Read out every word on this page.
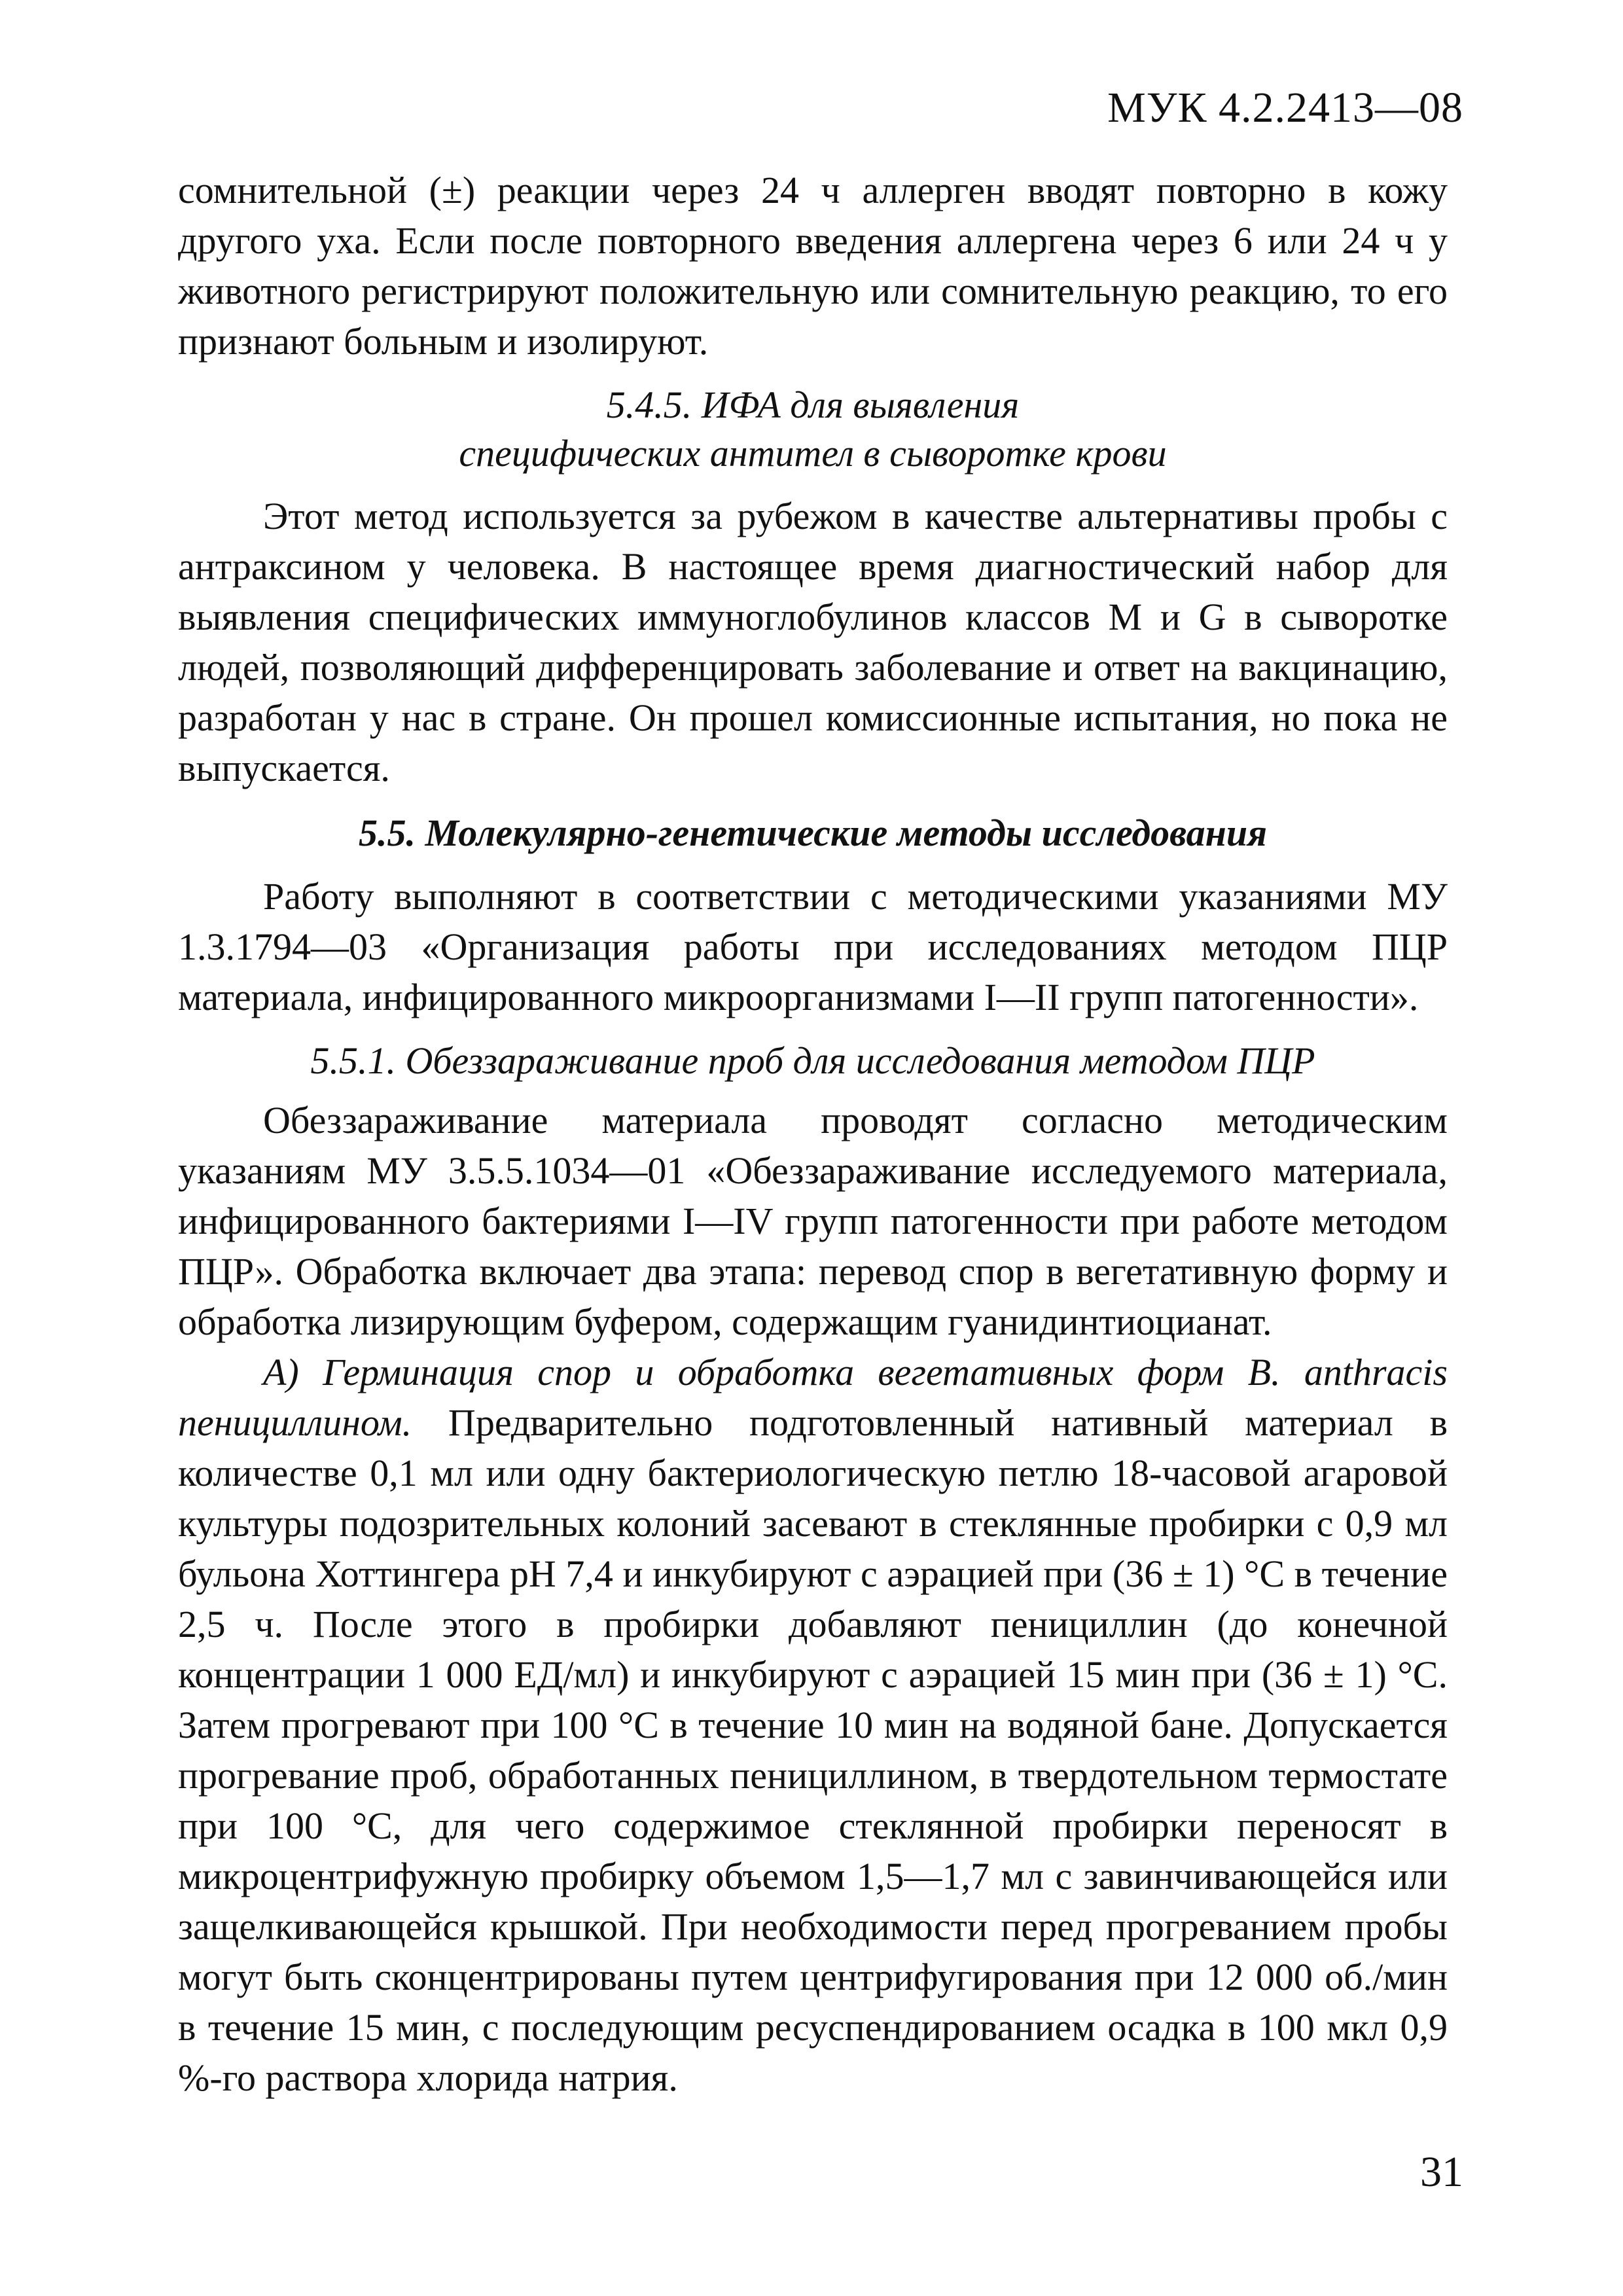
МУК 4.2.2413—08

сомнительной (±) реакции через 24 ч аллерген вводят повторно в кожу другого уха. Если после повторного введения аллергена через 6 или 24 ч у животного регистрируют положительную или сомнительную реакцию, то его признают больным и изолируют.

5.4.5. ИФА для выявления
специфических антител в сыворотке крови

Этот метод используется за рубежом в качестве альтернативы пробы с антраксином у человека. В настоящее время диагностический набор для выявления специфических иммуноглобулинов классов M и G в сыворотке людей, позволяющий дифференцировать заболевание и ответ на вакцинацию, разработан у нас в стране. Он прошел комиссионные испытания, но пока не выпускается.

5.5. Молекулярно-генетические методы исследования

Работу выполняют в соответствии с методическими указаниями МУ 1.3.1794—03 «Организация работы при исследованиях методом ПЦР материала, инфицированного микроорганизмами I—II групп патогенности».

5.5.1. Обеззараживание проб для исследования методом ПЦР

Обеззараживание материала проводят согласно методическим указаниям МУ 3.5.5.1034—01 «Обеззараживание исследуемого материала, инфицированного бактериями I—IV групп патогенности при работе методом ПЦР». Обработка включает два этапа: перевод спор в вегетативную форму и обработка лизирующим буфером, содержащим гуанидинтиоцианат.

А) Герминация спор и обработка вегетативных форм B. anthracis пенициллином. Предварительно подготовленный нативный материал в количестве 0,1 мл или одну бактериологическую петлю 18-часовой агаровой культуры подозрительных колоний засевают в стеклянные пробирки с 0,9 мл бульона Хоттингера pH 7,4 и инкубируют с аэрацией при (36 ± 1) °С в течение 2,5 ч. После этого в пробирки добавляют пенициллин (до конечной концентрации 1 000 ЕД/мл) и инкубируют с аэрацией 15 мин при (36 ± 1) °С. Затем прогревают при 100 °С в течение 10 мин на водяной бане. Допускается прогревание проб, обработанных пенициллином, в твердотельном термостате при 100 °С, для чего содержимое стеклянной пробирки переносят в микроцентрифужную пробирку объемом 1,5—1,7 мл с завинчивающейся или защелкивающейся крышкой. При необходимости перед прогреванием пробы могут быть сконцентрированы путем центрифугирования при 12 000 об./мин в течение 15 мин, с последующим ресуспендированием осадка в 100 мкл 0,9 %-го раствора хлорида натрия.

31
